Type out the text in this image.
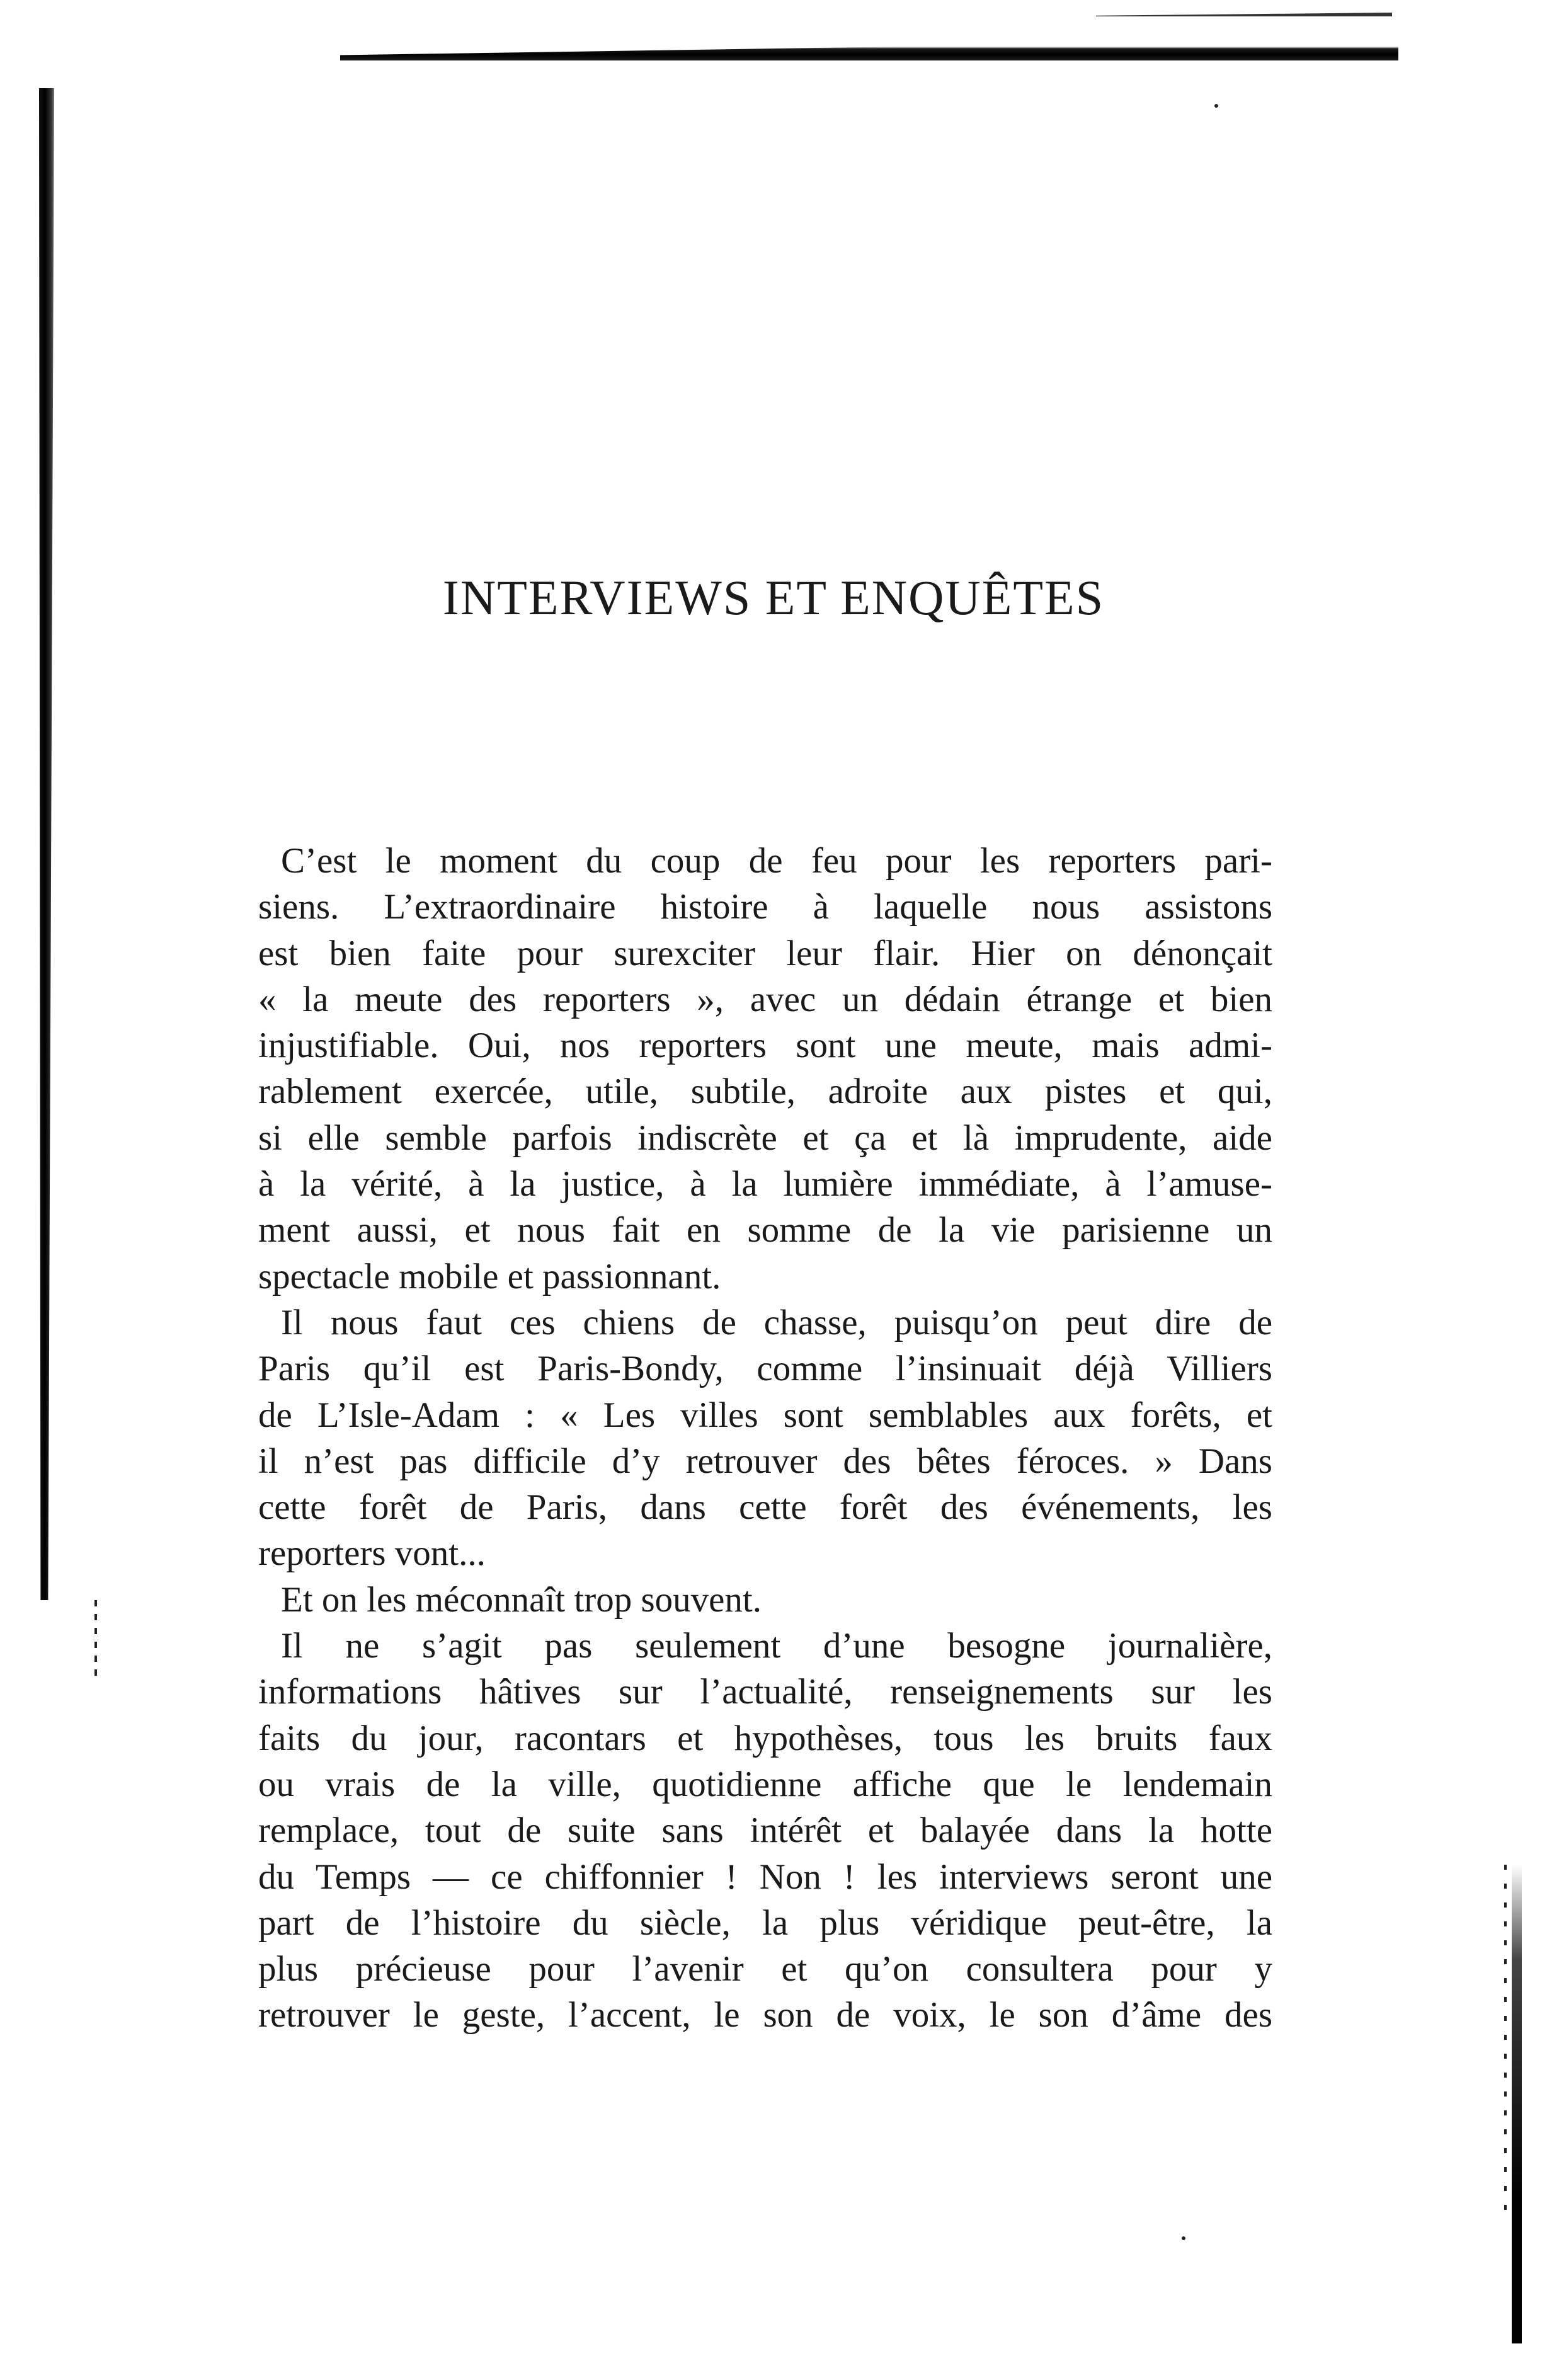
INTERVIEWS ET ENQUÊTES
C’est le moment du coup de feu pour les reporters pari-
siens. L’extraordinaire histoire à laquelle nous assistons
est bien faite pour surexciter leur flair. Hier on dénonçait
« la meute des reporters », avec un dédain étrange et bien
injustifiable. Oui, nos reporters sont une meute, mais admi-
rablement exercée, utile, subtile, adroite aux pistes et qui,
si elle semble parfois indiscrète et ça et là imprudente, aide
à la vérité, à la justice, à la lumière immédiate, à l’amuse-
ment aussi, et nous fait en somme de la vie parisienne un
spectacle mobile et passionnant.
Il nous faut ces chiens de chasse, puisqu’on peut dire de
Paris qu’il est Paris-Bondy, comme l’insinuait déjà Villiers
de L’Isle-Adam : « Les villes sont semblables aux forêts, et
il n’est pas difficile d’y retrouver des bêtes féroces. » Dans
cette forêt de Paris, dans cette forêt des événements, les
reporters vont...
Et on les méconnaît trop souvent.
Il ne s’agit pas seulement d’une besogne journalière,
informations hâtives sur l’actualité, renseignements sur les
faits du jour, racontars et hypothèses, tous les bruits faux
ou vrais de la ville, quotidienne affiche que le lendemain
remplace, tout de suite sans intérêt et balayée dans la hotte
du Temps — ce chiffonnier ! Non ! les interviews seront une
part de l’histoire du siècle, la plus véridique peut-être, la
plus précieuse pour l’avenir et qu’on consultera pour y
retrouver le geste, l’accent, le son de voix, le son d’âme des
